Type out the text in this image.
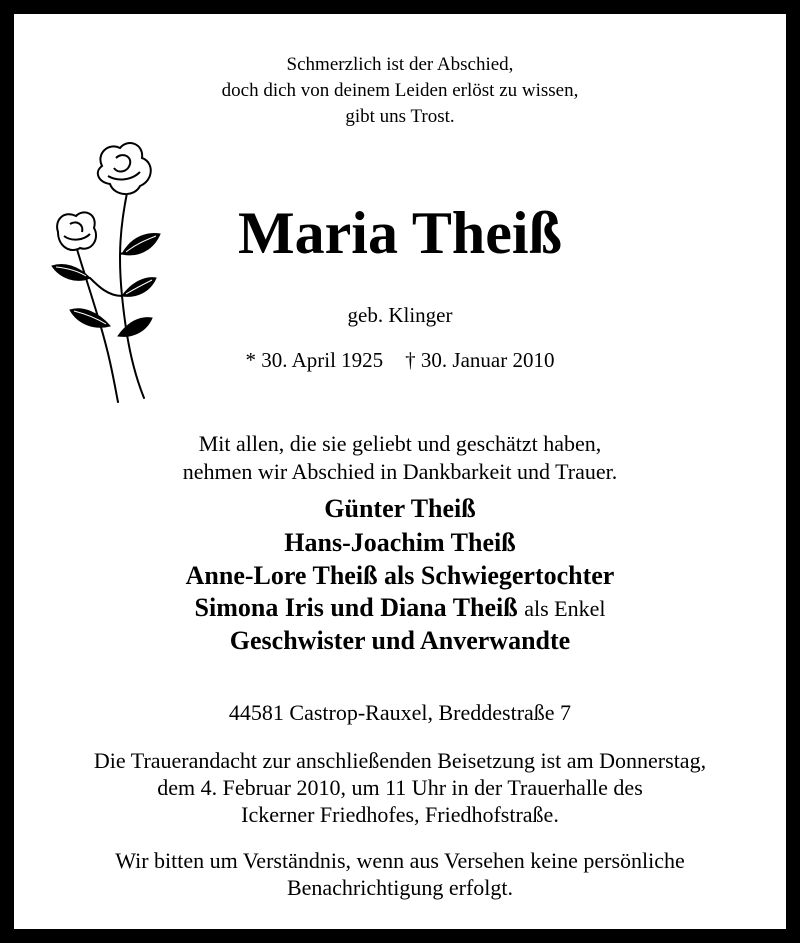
Schmerzlich ist der Abschied,
doch dich von deinem Leiden erlöst zu wissen,
gibt uns Trost.
Maria Theiß
geb. Klinger
* 30. April 1925 † 30. Januar 2010
Mit allen, die sie geliebt und geschätzt haben,
nehmen wir Abschied in Dankbarkeit und Trauer.
Günter Theiß
Hans-Joachim Theiß
Anne-Lore Theiß als Schwiegertochter
Simona Iris und Diana Theiß als Enkel
Geschwister und Anverwandte
44581 Castrop-Rauxel, Breddestraße 7
Die Trauerandacht zur anschließenden Beisetzung ist am Donnerstag,
dem 4. Februar 2010, um 11 Uhr in der Trauerhalle des
Ickerner Friedhofes, Friedhofstraße.
Wir bitten um Verständnis, wenn aus Versehen keine persönliche
Benachrichtigung erfolgt.
